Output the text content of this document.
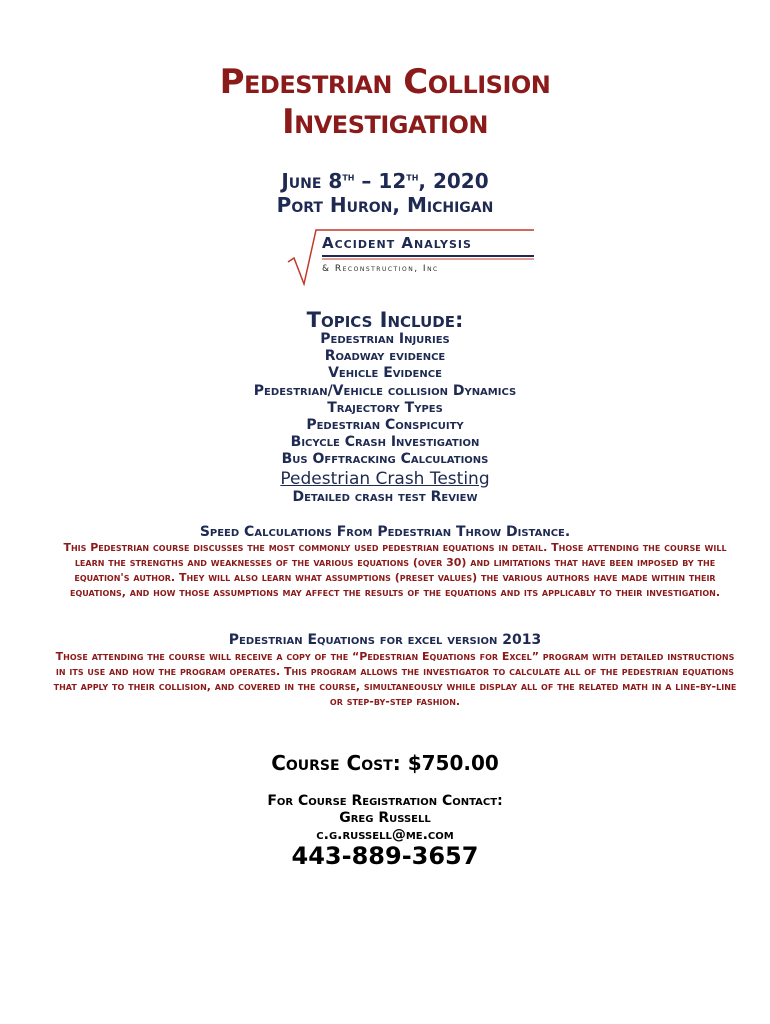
Pedestrian Collision
Investigation
June 8th – 12th, 2020
Port Huron, Michigan
Accident Analysis
& Reconstruction, Inc
Topics Include:
Pedestrian Injuries
Roadway evidence
Vehicle Evidence
Pedestrian/Vehicle collision Dynamics
Trajectory Types
Pedestrian Conspicuity
Bicycle Crash Investigation
Bus Offtracking Calculations
Pedestrian Crash Testing
Detailed crash test Review
Speed Calculations From Pedestrian Throw Distance.

This Pedestrian course discusses the most commonly used pedestrian equations in detail. Those attending the course will learn the strengths and weaknesses of the various equations (over 30) and limitations that have been imposed by the equation's author. They will also learn what assumptions (preset values) the various authors have made within their equations, and how those assumptions may affect the results of the equations and its applicably to their investigation.

Pedestrian Equations for excel version 2013

Those attending the course will receive a copy of the “Pedestrian Equations for Excel” program with detailed instructions in its use and how the program operates. This program allows the investigator to calculate all of the pedestrian equations that apply to their collision, and covered in the course, simultaneously while display all of the related math in a line-by-line or step-by-step fashion.

Course Cost: $750.00
For Course Registration Contact:
Greg Russell
c.g.russell@me.com
443-889-3657
